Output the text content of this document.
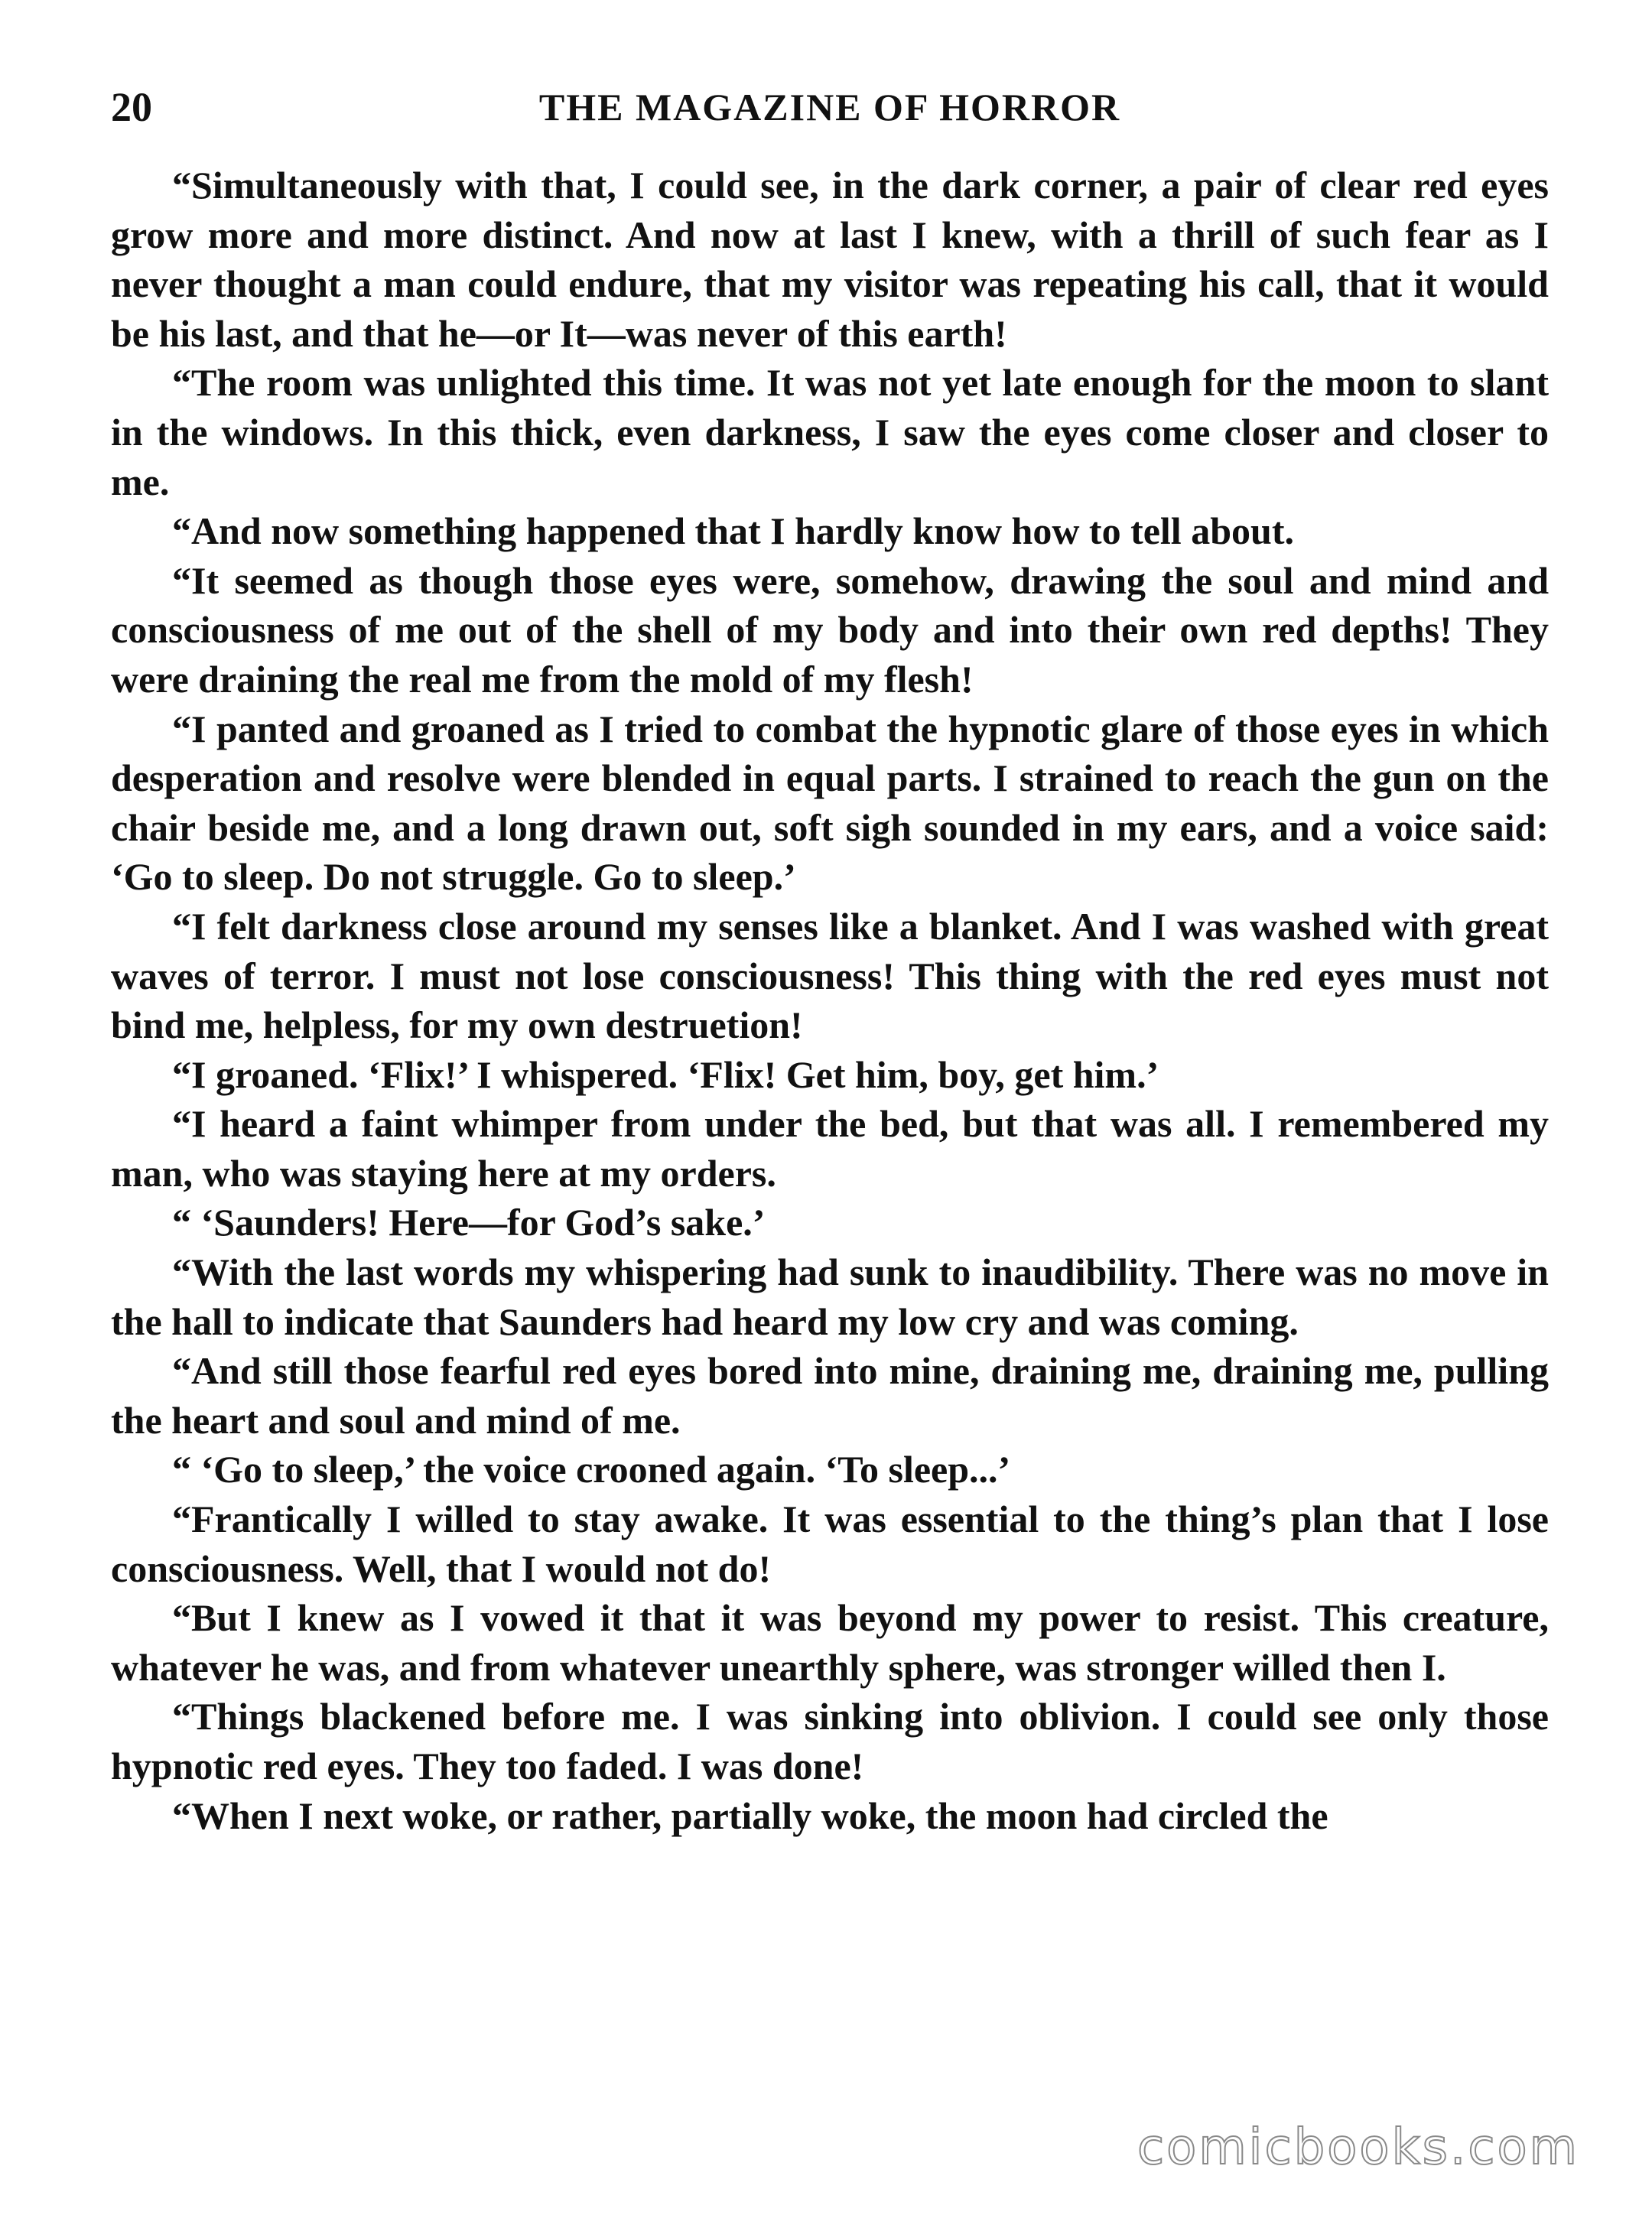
20	THE MAGAZINE OF HORROR

“Simultaneously with that, I could see, in the dark corner, a pair of clear red eyes grow more and more distinct. And now at last I knew, with a thrill of such fear as I never thought a man could endure, that my visitor was repeating his call, that it would be his last, and that he—or It—was never of this earth!

“The room was unlighted this time. It was not yet late enough for the moon to slant in the windows. In this thick, even darkness, I saw the eyes come closer and closer to me.

“And now something happened that I hardly know how to tell about.

“It seemed as though those eyes were, somehow, drawing the soul and mind and consciousness of me out of the shell of my body and into their own red depths! They were draining the real me from the mold of my flesh!

“I panted and groaned as I tried to combat the hypnotic glare of those eyes in which desperation and resolve were blended in equal parts. I strained to reach the gun on the chair beside me, and a long drawn out, soft sigh sounded in my ears, and a voice said: ‘Go to sleep. Do not struggle. Go to sleep.’

“I felt darkness close around my senses like a blanket. And I was washed with great waves of terror. I must not lose consciousness! This thing with the red eyes must not bind me, helpless, for my own destruetion!

“I groaned. ‘Flix!’ I whispered. ‘Flix! Get him, boy, get him.’

“I heard a faint whimper from under the bed, but that was all. I remembered my man, who was staying here at my orders.

“ ‘Saunders! Here—for God’s sake.’

“With the last words my whispering had sunk to inaudibility. There was no move in the hall to indicate that Saunders had heard my low cry and was coming.

“And still those fearful red eyes bored into mine, draining me, draining me, pulling the heart and soul and mind of me.

“ ‘Go to sleep,’ the voice crooned again. ‘To sleep...’

“Frantically I willed to stay awake. It was essential to the thing’s plan that I lose consciousness. Well, that I would not do!

“But I knew as I vowed it that it was beyond my power to resist. This creature, whatever he was, and from whatever unearthly sphere, was stronger willed then I.

“Things blackened before me. I was sinking into oblivion. I could see only those hypnotic red eyes. They too faded. I was done!

“When I next woke, or rather, partially woke, the moon had circled the

comicbooks.com
